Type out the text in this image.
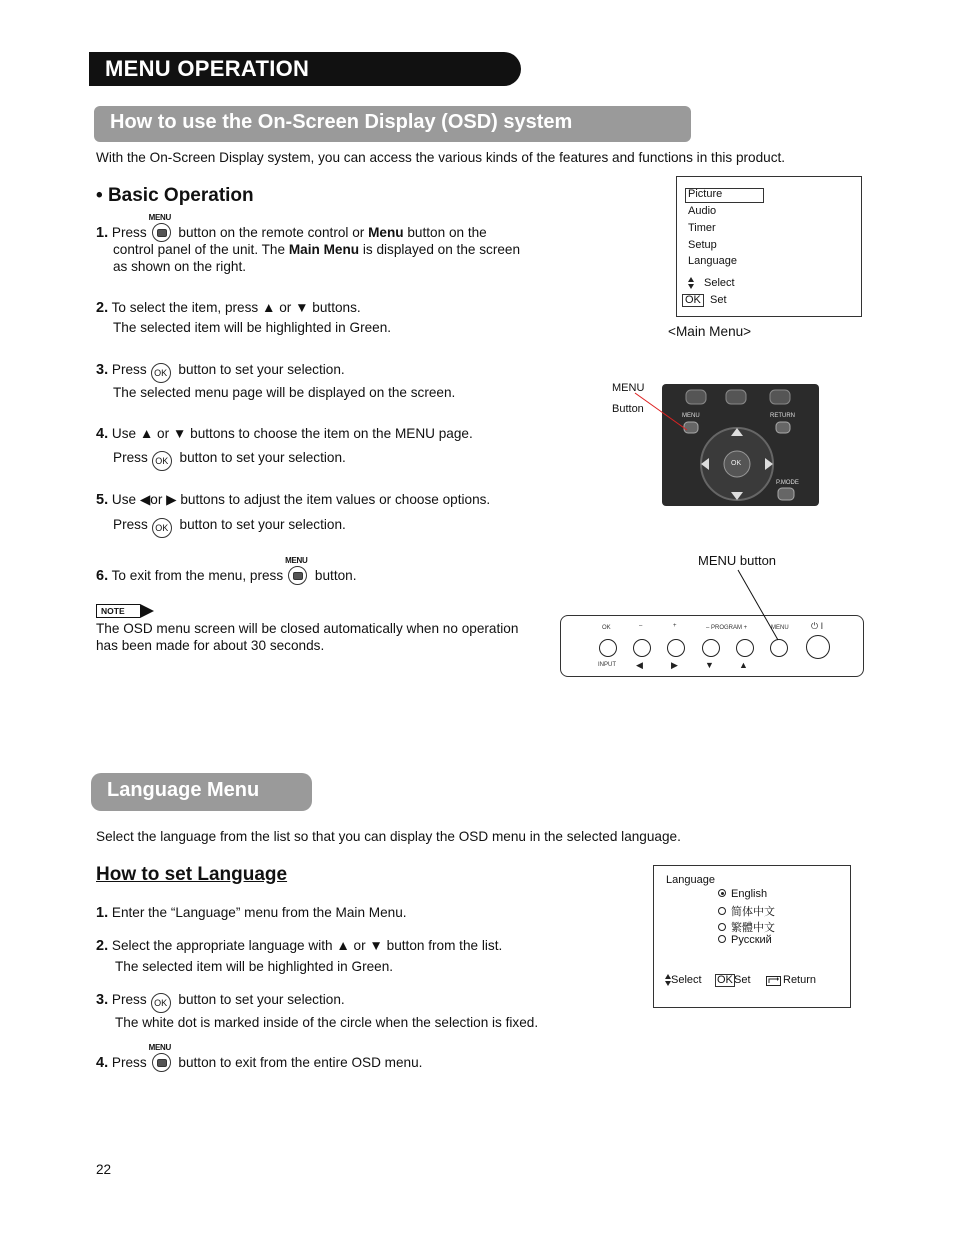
MENU OPERATION
How to use the On-Screen Display (OSD) system
With the On-Screen Display system, you can access the various kinds of the features and functions in this product.
• Basic Operation
1. Press
MENU
button on the remote control or Menu button on the
control panel of the unit. The Main Menu is displayed on the screen
as shown on the right.
2. To select the item, press ▲ or ▼ buttons.
The selected item will be highlighted in Green.
3. Press OK button to set your selection.
The selected menu page will be displayed on the screen.
4. Use ▲ or ▼ buttons to choose the item on the MENU page.
Press OK button to set your selection.
5. Use ◀or ▶ buttons to adjust the item values or choose options.
Press OK button to set your selection.
6. To exit from the menu, press
MENU
button.
NOTE
The OSD menu screen will be closed automatically when no operation
has been made for about 30 seconds.
Picture
Audio
Timer
Setup
Language
Select
OK Set
<Main Menu>
MENU
Button
MENU	RETURN
P.MODE
OK
MENU button
OK	–	+	– PROGRAM +	MENU ⏻ I
INPUT ◀	▶	▼	▲
Language Menu
Select the language from the list so that you can display the OSD menu in the selected language.
How to set Language
1. Enter the “Language” menu from the Main Menu.
2. Select the appropriate language with ▲ or ▼ button from the list.
The selected item will be highlighted in Green.
3. Press OK button to set your selection.
The white dot is marked inside of the circle when the selection is fixed.
4. Press
MENU
button to exit from the entire OSD menu.
Language
English
简体中文
繁體中文
Русский
Select OK Set	Return
22
